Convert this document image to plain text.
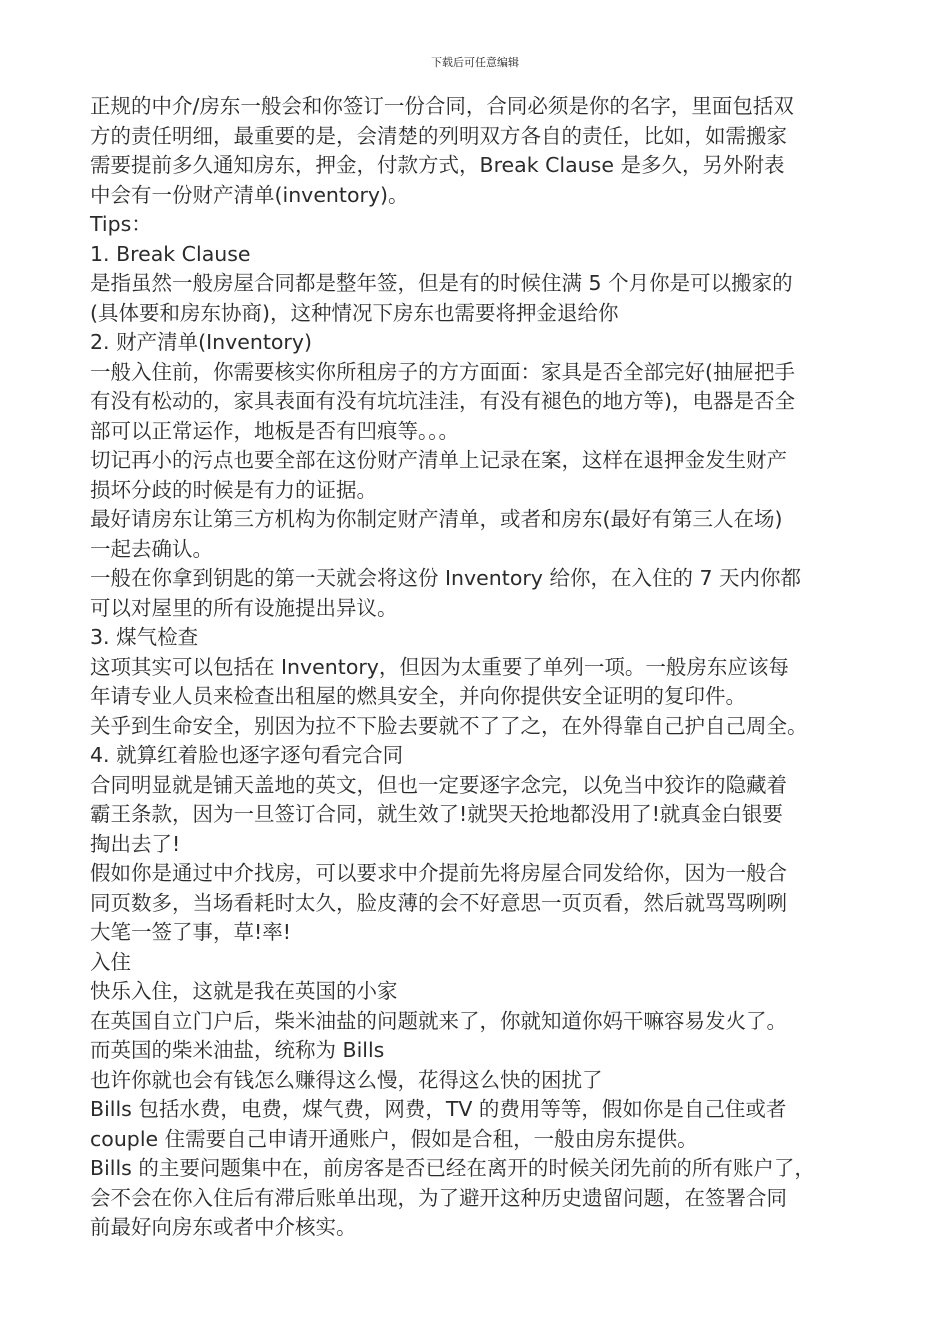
下载后可任意编辑
正规的中介/房东一般会和你签订一份合同，合同必须是你的名字，里面包括双
方的责任明细，最重要的是，会清楚的列明双方各自的责任，比如，如需搬家
需要提前多久通知房东，押金，付款方式，Break Clause 是多久，另外附表
中会有一份财产清单(inventory)。
Tips：
1. Break Clause
是指虽然一般房屋合同都是整年签，但是有的时候住满 5 个月你是可以搬家的
(具体要和房东协商)，这种情况下房东也需要将押金退给你
2. 财产清单(Inventory)
一般入住前，你需要核实你所租房子的方方面面：家具是否全部完好(抽屉把手
有没有松动的，家具表面有没有坑坑洼洼，有没有褪色的地方等)，电器是否全
部可以正常运作，地板是否有凹痕等。。。
切记再小的污点也要全部在这份财产清单上记录在案，这样在退押金发生财产
损坏分歧的时候是有力的证据。
最好请房东让第三方机构为你制定财产清单，或者和房东(最好有第三人在场)
一起去确认。
一般在你拿到钥匙的第一天就会将这份 Inventory 给你，在入住的 7 天内你都
可以对屋里的所有设施提出异议。
3. 煤气检查
这项其实可以包括在 Inventory，但因为太重要了单列一项。一般房东应该每
年请专业人员来检查出租屋的燃具安全，并向你提供安全证明的复印件。
关乎到生命安全，别因为拉不下脸去要就不了了之，在外得靠自己护自己周全。
4. 就算红着脸也逐字逐句看完合同
合同明显就是铺天盖地的英文，但也一定要逐字念完，以免当中狡诈的隐藏着
霸王条款，因为一旦签订合同，就生效了!就哭天抢地都没用了!就真金白银要
掏出去了!
假如你是通过中介找房，可以要求中介提前先将房屋合同发给你，因为一般合
同页数多，当场看耗时太久，脸皮薄的会不好意思一页页看，然后就骂骂咧咧
大笔一签了事，草!率!
入住
快乐入住，这就是我在英国的小家
在英国自立门户后，柴米油盐的问题就来了，你就知道你妈干嘛容易发火了。
而英国的柴米油盐，统称为 Bills
也许你就也会有钱怎么赚得这么慢，花得这么快的困扰了
Bills 包括水费，电费，煤气费，网费，TV 的费用等等，假如你是自己住或者
couple 住需要自己申请开通账户，假如是合租，一般由房东提供。
Bills 的主要问题集中在，前房客是否已经在离开的时候关闭先前的所有账户了，
会不会在你入住后有滞后账单出现，为了避开这种历史遗留问题，在签署合同
前最好向房东或者中介核实。
